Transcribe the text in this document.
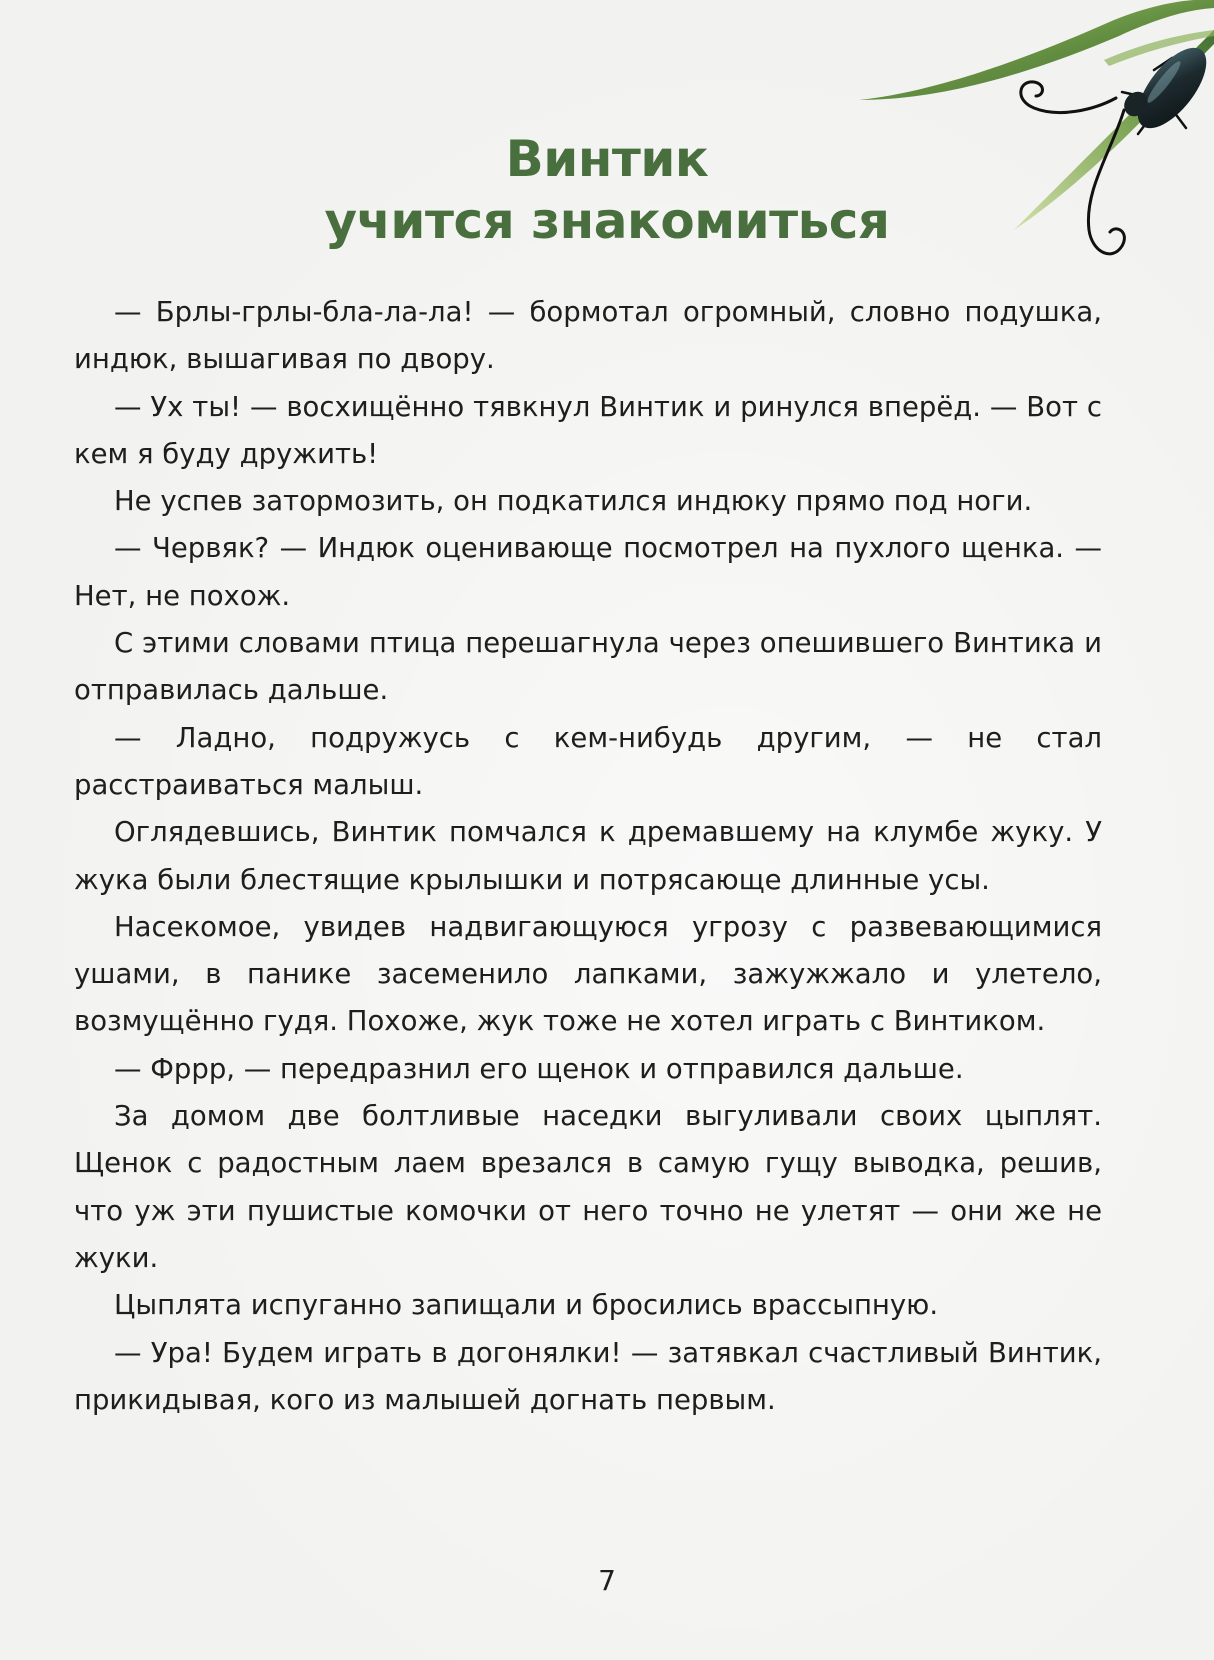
Винтик
учится знакомиться

— Брлы-грлы-бла-ла-ла! — бормотал огромный, словно подушка, индюк, вышагивая по двору.

— Ух ты! — восхищённо тявкнул Винтик и ринулся вперёд. — Вот с кем я буду дружить!

Не успев затормозить, он подкатился индюку прямо под ноги.

— Червяк? — Индюк оценивающе посмотрел на пухлого щенка. — Нет, не похож.

С этими словами птица перешагнула через опешившего Винтика и отправилась дальше.

— Ладно, подружусь с кем-нибудь другим, — не стал расстраиваться малыш.

Оглядевшись, Винтик помчался к дремавшему на клумбе жуку. У жука были блестящие крылышки и потрясающе длинные усы.

Насекомое, увидев надвигающуюся угрозу с развевающимися ушами, в панике засеменило лапками, зажужжало и улетело, возмущённо гудя. Похоже, жук тоже не хотел играть с Винтиком.

— Фррр, — передразнил его щенок и отправился дальше.

За домом две болтливые наседки выгуливали своих цыплят. Щенок с радостным лаем врезался в самую гущу выводка, решив, что уж эти пушистые комочки от него точно не улетят — они же не жуки.

Цыплята испуганно запищали и бросились врассыпную.

— Ура! Будем играть в догонялки! — затявкал счастливый Винтик, прикидывая, кого из малышей догнать первым.

7
